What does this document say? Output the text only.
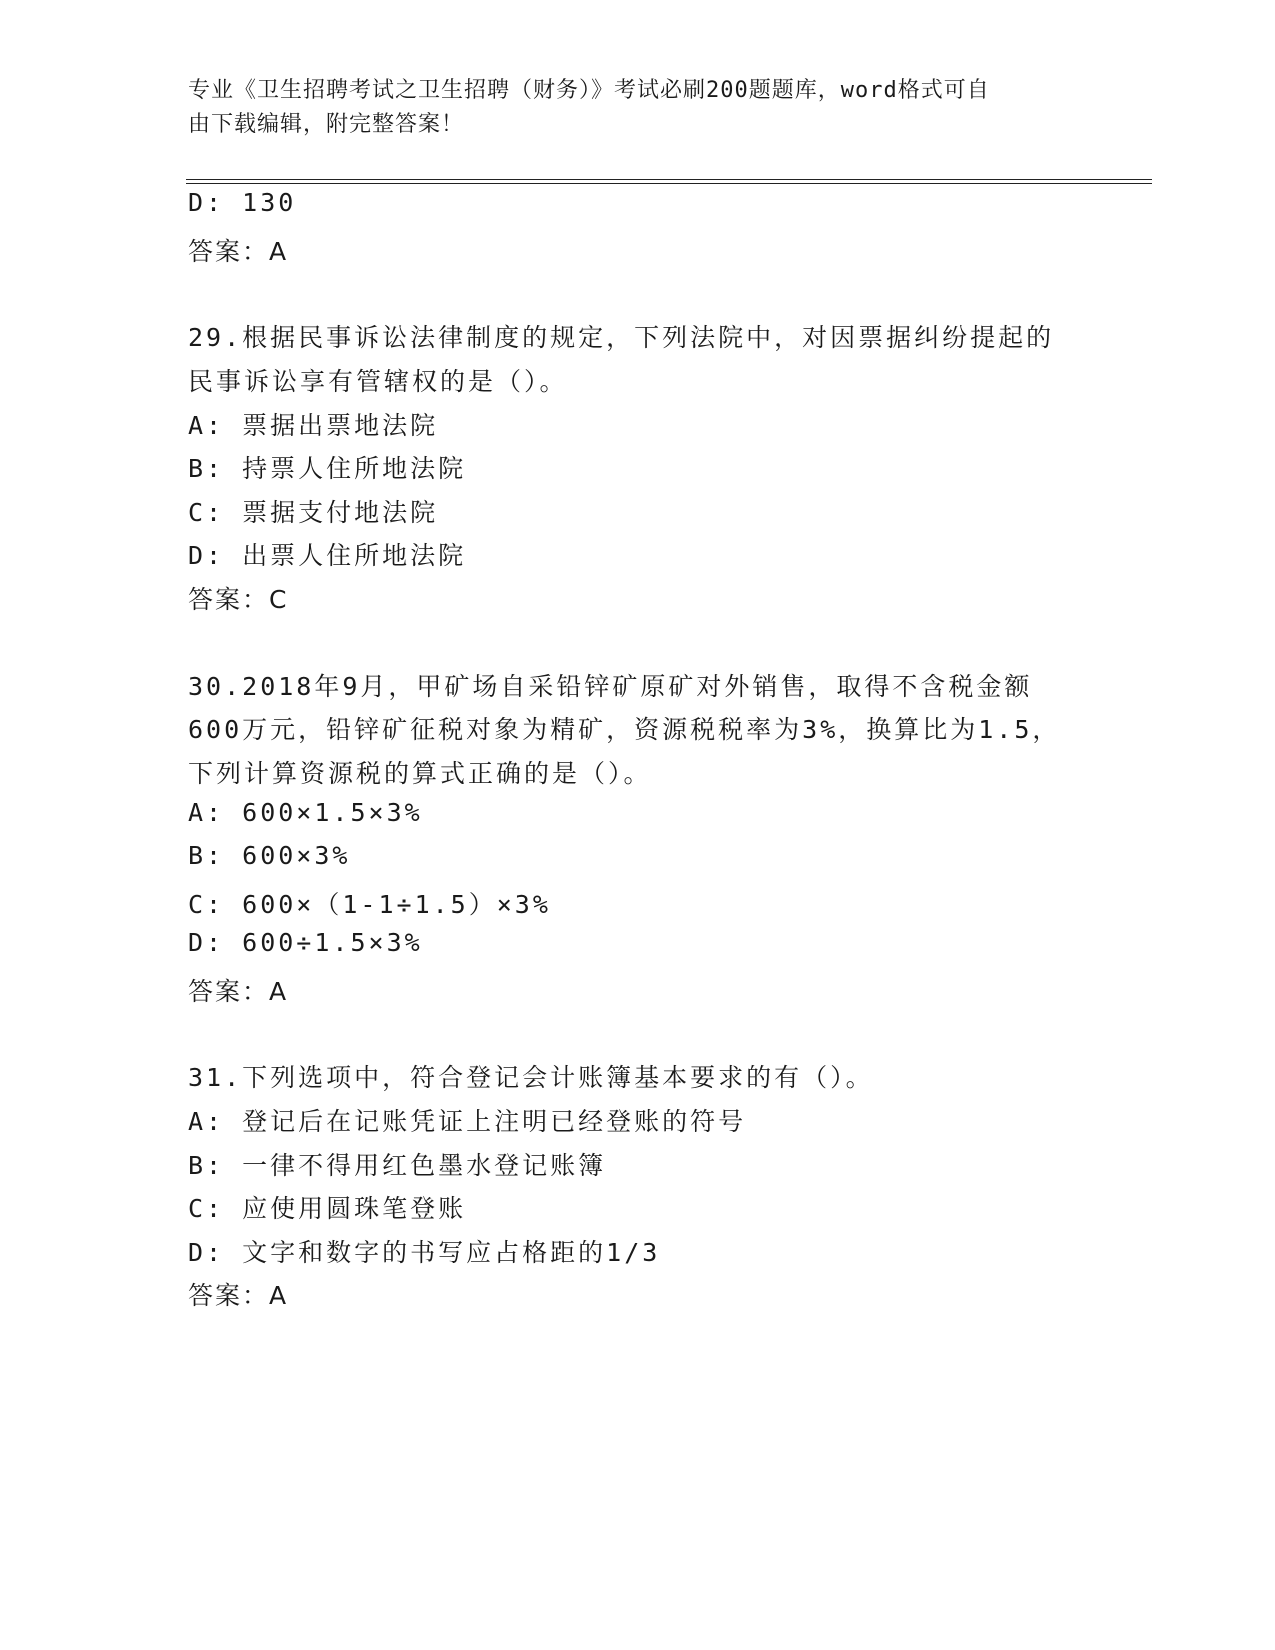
专业《卫生招聘考试之卫生招聘（财务）》考试必刷200题题库，word格式可自
由下载编辑，附完整答案！
D: 130
答案：A
29.根据民事诉讼法律制度的规定，下列法院中，对因票据纠纷提起的
民事诉讼享有管辖权的是（）。
A: 票据出票地法院
B: 持票人住所地法院
C: 票据支付地法院
D: 出票人住所地法院
答案：C
30.2018年9月，甲矿场自采铅锌矿原矿对外销售，取得不含税金额
600万元，铅锌矿征税对象为精矿，资源税税率为3%，换算比为1.5，
下列计算资源税的算式正确的是（）。
A: 600×1.5×3%
B: 600×3%
C: 600×（1-1÷1.5）×3%
D: 600÷1.5×3%
答案：A
31.下列选项中，符合登记会计账簿基本要求的有（）。
A: 登记后在记账凭证上注明已经登账的符号
B: 一律不得用红色墨水登记账簿
C: 应使用圆珠笔登账
D: 文字和数字的书写应占格距的1/3
答案：A
